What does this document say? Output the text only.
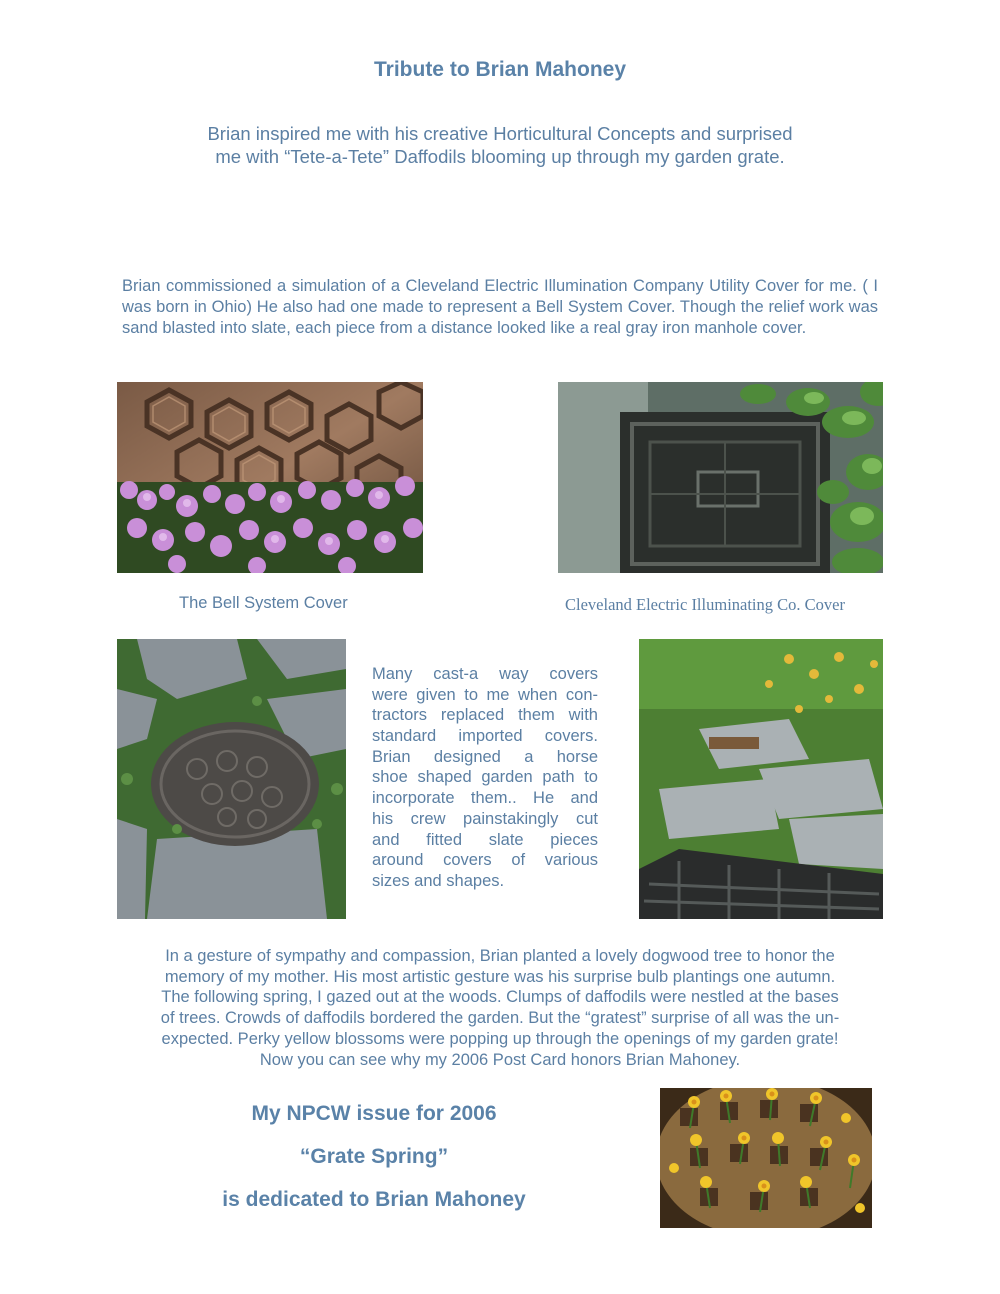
Tribute to Brian Mahoney
Brian inspired me with his creative Horticultural Concepts and surprised
me with “Tete-a-Tete” Daffodils blooming up through my garden grate.
Brian commissioned a simulation of a Cleveland Electric Illumination Company Utility Cover for me. ( I was born in Ohio) He also had one made to represent a Bell System Cover. Though the relief work was sand blasted into slate, each piece from a distance looked like a real gray iron manhole cover.
The Bell System Cover	Cleveland Electric Illuminating Co. Cover
Many cast-a way covers
were given to me when con-
tractors replaced them with
standard imported covers.
Brian designed a horse
shoe shaped garden path to
incorporate them.. He and
his crew painstakingly cut
and fitted slate pieces
around covers of various
sizes and shapes.
In a gesture of sympathy and compassion, Brian planted a lovely dogwood tree to honor the
memory of my mother. His most artistic gesture was his surprise bulb plantings one autumn.
The following spring, I gazed out at the woods. Clumps of daffodils were nestled at the bases
of trees. Crowds of daffodils bordered the garden. But the “gratest” surprise of all was the un-
expected. Perky yellow blossoms were popping up through the openings of my garden grate!
Now you can see why my 2006 Post Card honors Brian Mahoney.
My NPCW issue for 2006
“Grate Spring”
is dedicated to Brian Mahoney
